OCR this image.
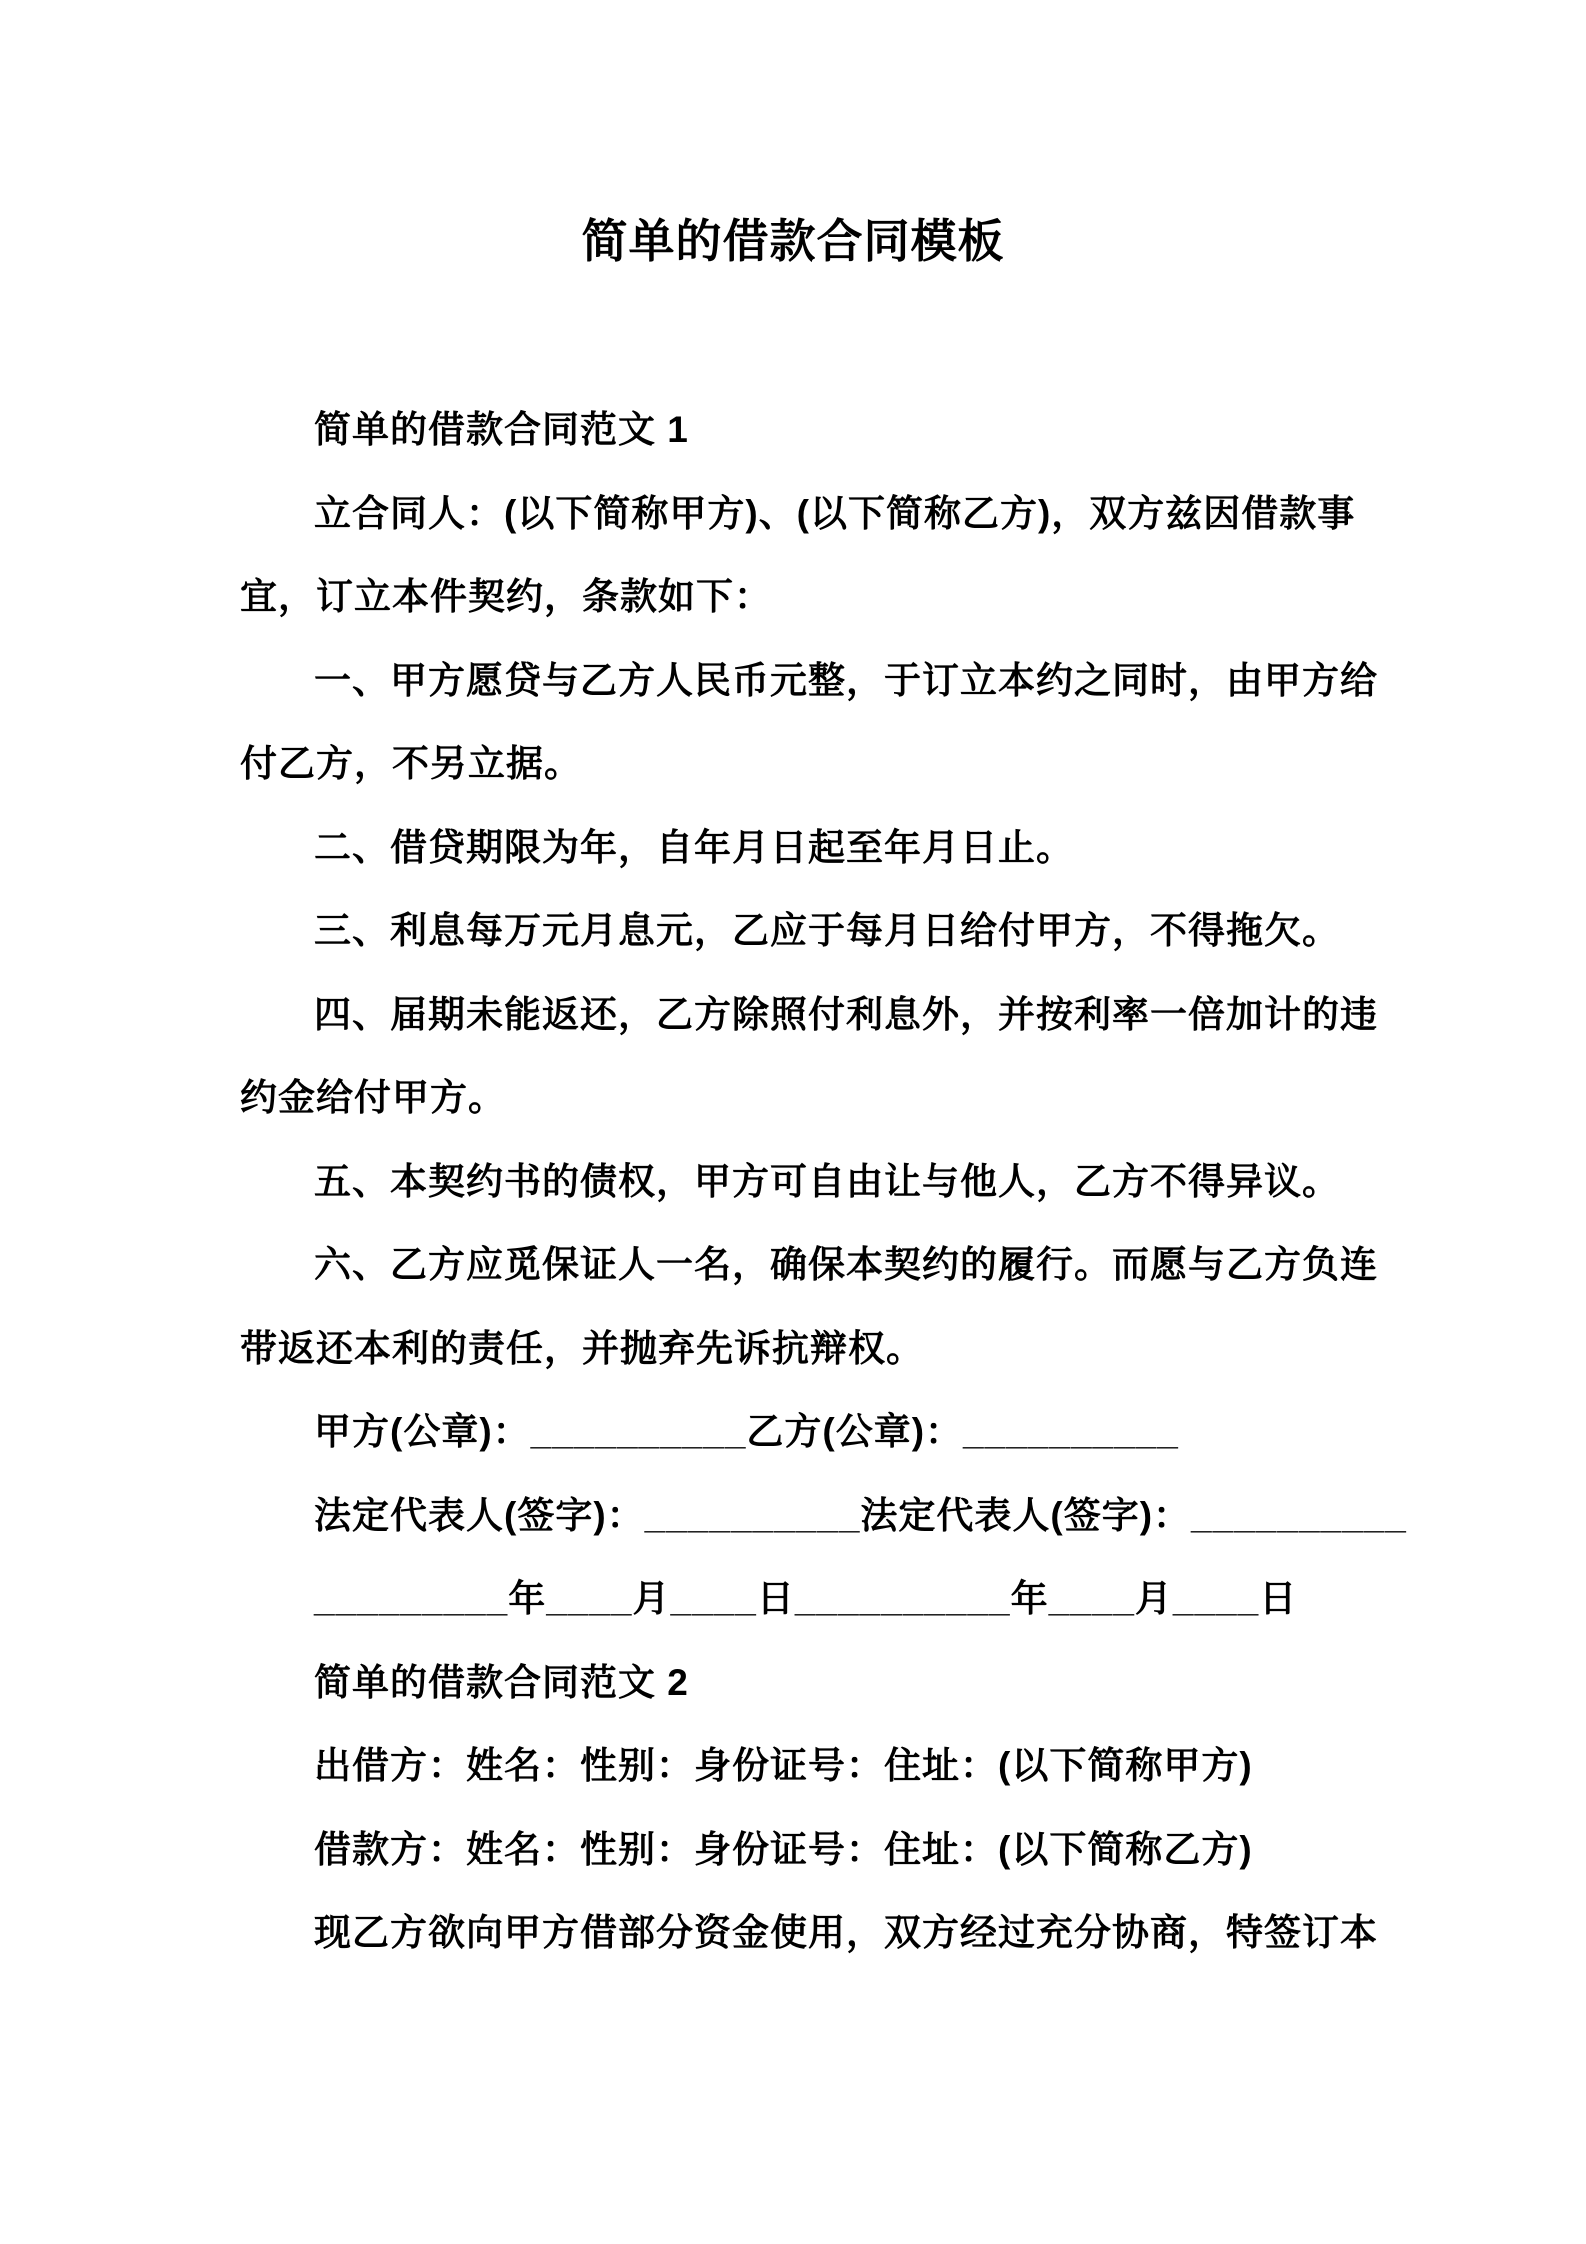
简单的借款合同模板
简单的借款合同范文 1
立合同人：(以下简称甲方)、(以下简称乙方)，双方兹因借款事
宜，订立本件契约，条款如下：
一、甲方愿贷与乙方人民币元整，于订立本约之同时，由甲方给
付乙方，不另立据。
二、借贷期限为年，自年月日起至年月日止。
三、利息每万元月息元，乙应于每月日给付甲方，不得拖欠。
四、届期未能返还，乙方除照付利息外，并按利率一倍加计的违
约金给付甲方。
五、本契约书的债权，甲方可自由让与他人，乙方不得异议。
六、乙方应觅保证人一名，确保本契约的履行。而愿与乙方负连
带返还本利的责任，并抛弃先诉抗辩权。
甲方(公章)：__________乙方(公章)：__________
法定代表人(签字)：__________法定代表人(签字)：__________
_________年____月____日__________年____月____日
简单的借款合同范文 2
出借方：姓名：性别：身份证号：住址：(以下简称甲方)
借款方：姓名：性别：身份证号：住址：(以下简称乙方)
现乙方欲向甲方借部分资金使用，双方经过充分协商，特签订本
